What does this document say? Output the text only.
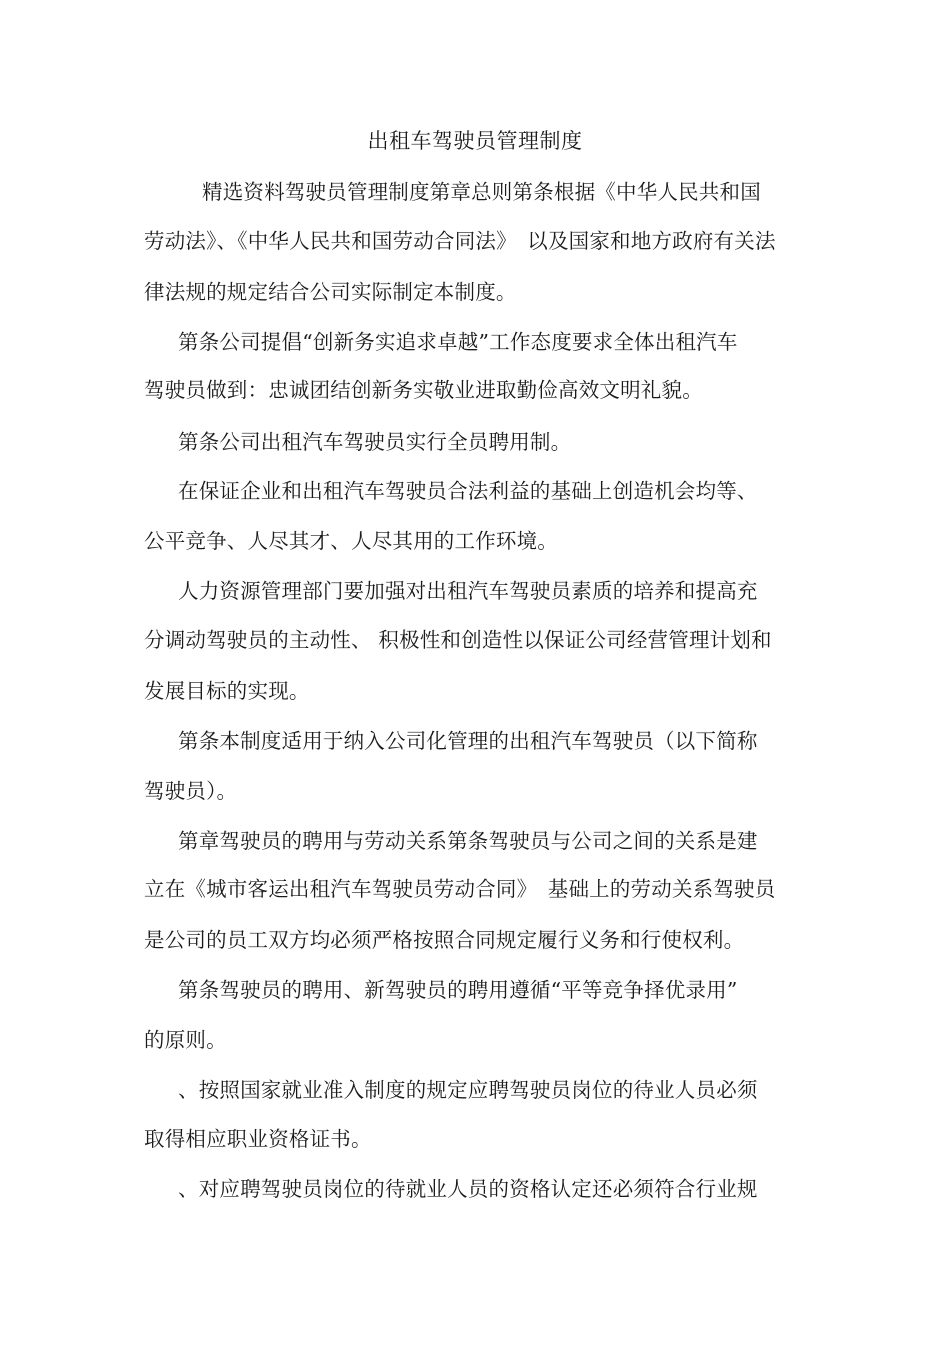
出租车驾驶员管理制度
精选资料驾驶员管理制度第章总则第条根据《中华人民共和国
劳动法》、《中华人民共和国劳动合同法》　以及国家和地方政府有关法
律法规的规定结合公司实际制定本制度。
第条公司提倡“创新务实追求卓越”工作态度要求全体出租汽车
驾驶员做到：忠诚团结创新务实敬业进取勤俭高效文明礼貌。
第条公司出租汽车驾驶员实行全员聘用制。
在保证企业和出租汽车驾驶员合法利益的基础上创造机会均等、
公平竞争、人尽其才、人尽其用的工作环境。
人力资源管理部门要加强对出租汽车驾驶员素质的培养和提高充
分调动驾驶员的主动性、 积极性和创造性以保证公司经营管理计划和
发展目标的实现。
第条本制度适用于纳入公司化管理的出租汽车驾驶员（以下简称
驾驶员）。
第章驾驶员的聘用与劳动关系第条驾驶员与公司之间的关系是建
立在《城市客运出租汽车驾驶员劳动合同》　基础上的劳动关系驾驶员
是公司的员工双方均必须严格按照合同规定履行义务和行使权利。
第条驾驶员的聘用、新驾驶员的聘用遵循“平等竞争择优录用”
的原则。
、按照国家就业准入制度的规定应聘驾驶员岗位的待业人员必须
取得相应职业资格证书。
、对应聘驾驶员岗位的待就业人员的资格认定还必须符合行业规
